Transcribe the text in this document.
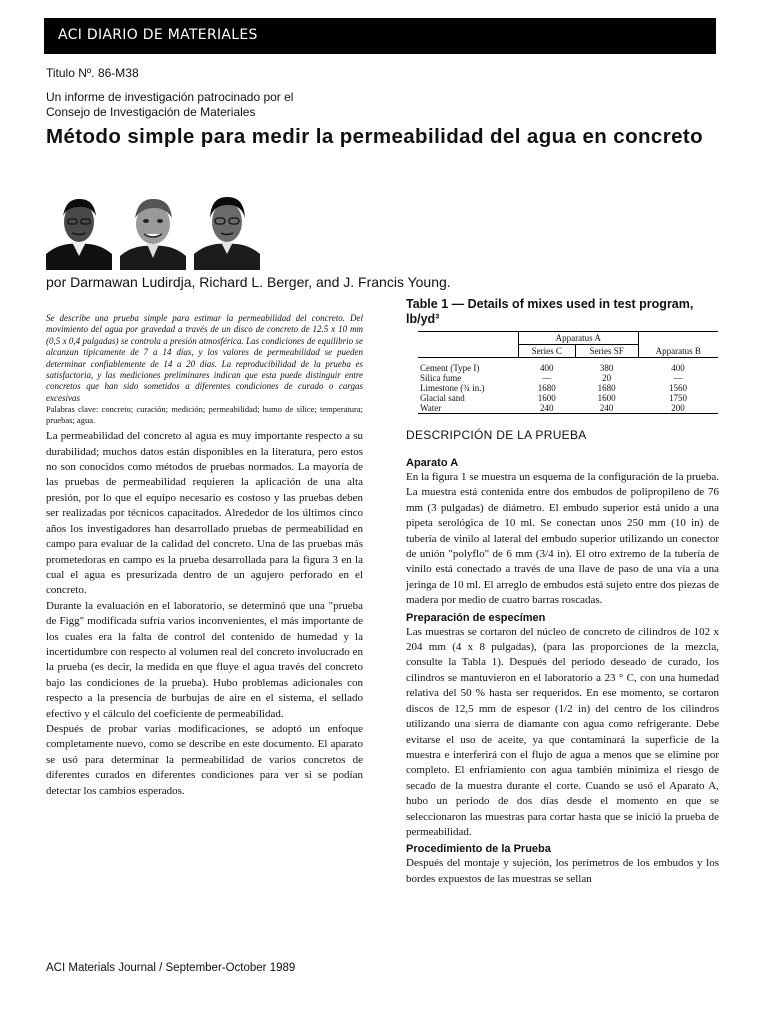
ACI DIARIO DE MATERIALES
Titulo Nº. 86-M38
Un informe de investigación patrocinado por el
Consejo de Investigación de Materiales
Método simple para medir la permeabilidad del agua en concreto
por Darmawan Ludirdja, Richard L. Berger, and J. Francis Young.

Se describe una prueba simple para estimar la permeabilidad del concreto. Del movimiento del agua por gravedad a través de un disco de concreto de 12.5 x 10 mm (0,5 x 0,4 pulgadas) se controla a presión atmosférica. Las condiciones de equilibrio se alcanzan típicamente de 7 a 14 días, y los valores de permeabilidad se pueden determinar confiablemente de 14 a 20 días. La reproducibilidad de la prueba es satisfactoria, y las mediciones preliminares indican que esta puede distinguir entre concretos que han sido sometidos a diferentes condiciones de curado o cargas excesivas

Palabras clave: concreto; curación; medición; permeabilidad; humo de sílice; temperatura; pruebas; agua.

La permeabilidad del concreto al agua es muy importante respecto a su durabilidad; muchos datos están disponibles en la literatura, pero estos no son conocidos como métodos de pruebas normados. La mayoría de las pruebas de permeabilidad requieren la aplicación de una alta presión, por lo que el equipo necesario es costoso y las pruebas deben ser realizadas por técnicos capacitados. Alrededor de los últimos cinco años los investigadores han desarrollado pruebas de permeabilidad en campo para evaluar de la calidad del concreto. Una de las pruebas más prometedoras en campo es la prueba desarrollada para la figura 3 en la cual el agua es presurizada dentro de un agujero perforado en el concreto.

Durante la evaluación en el laboratorio, se determinó que una "prueba de Figg" modificada sufría varios inconvenientes, el más importante de los cuales era la falta de control del contenido de humedad y la incertidumbre con respecto al volumen real del concreto involucrado en la prueba (es decir, la medida en que fluye el agua través del concreto bajo las condiciones de la prueba). Hubo problemas adicionales con respecto a la presencia de burbujas de aire en el sistema, el sellado efectivo y el cálculo del coeficiente de permeabilidad.

Después de probar varias modificaciones, se adoptó un enfoque completamente nuevo, como se describe en este documento. El aparato se usó para determinar la permeabilidad de varios concretos de diferentes curados en diferentes condiciones para ver si se podían detectar los cambios esperados.

Table 1 — Details of mixes used in test program, lb/yd³

	Apparatus A		
	Series C	Series SF	Apparatus B

Cement (Type I)	400	380	400
Silica fume	—	20	—
Limestone (¾ in.)	1680	1680	1560
Glacial sand	1600	1600	1750
Water	240	240	200
DESCRIPCIÓN DE LA PRUEBA
Aparato A

En la figura 1 se muestra un esquema de la configuración de la prueba. La muestra está contenida entre dos embudos de polipropileno de 76 mm (3 pulgadas) de diámetro. El embudo superior está unido a una pipeta serológica de 10 ml. Se conectan unos 250 mm (10 in) de tubería de vinilo al lateral del embudo superior utilizando un conector de unión "polyflo" de 6 mm (3/4 in). El otro extremo de la tubería de vinilo está conectado a través de una llave de paso de una vía a una jeringa de 10 ml. El arreglo de embudos está sujeto entre dos piezas de madera por medio de cuatro barras roscadas.

Preparación de especímen

Las muestras se cortaron del núcleo de concreto de cilindros de 102 x 204 mm (4 x 8 pulgadas), (para las proporciones de la mezcla, consulte la Tabla 1). Después del periodo deseado de curado, los cilindros se mantuvieron en el laboratorio a 23 ° C, con una humedad relativa del 50 % hasta ser requeridos. En ese momento, se cortaron discos de 12,5 mm de espesor (1/2 in) del centro de los cilindros utilizando una sierra de diamante con agua como refrigerante. Debe evitarse el uso de aceite, ya que contaminará la superficie de la muestra e interferirá con el flujo de agua a menos que se elimine por completo. El enfriamiento con agua también minimiza el riesgo de secado de la muestra durante el corte. Cuando se usó el Aparato A, hubo un periodo de dos días desde el momento en que se seleccionaron las muestras para cortar hasta que se inició la prueba de permeabilidad.

Procedimiento de la Prueba

Después del montaje y sujeción, los perímetros de los embudos y los bordes expuestos de las muestras se sellan

ACI Materials Journal / September-October 1989
